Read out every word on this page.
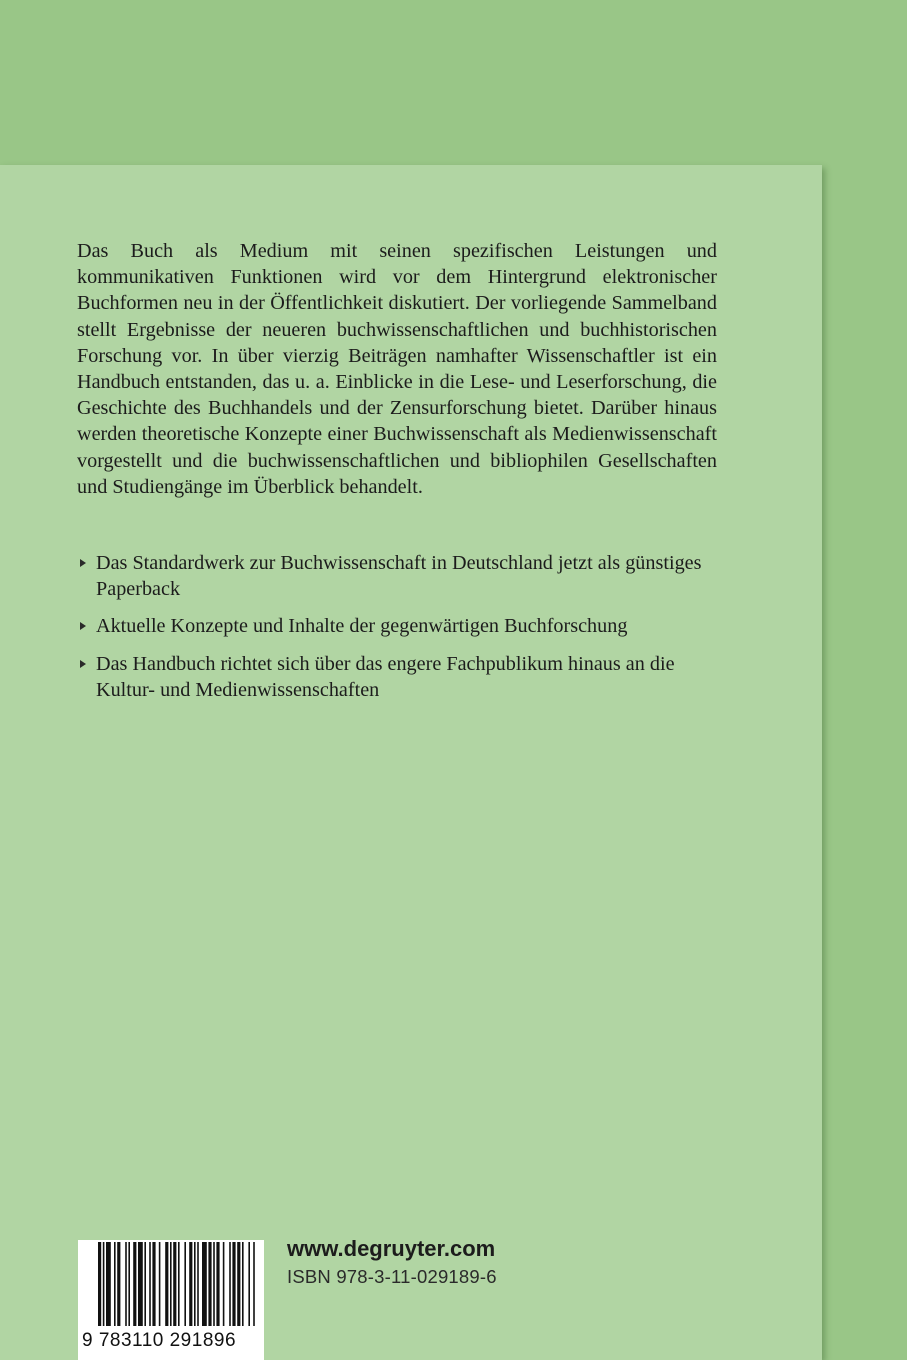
Das Buch als Medium mit seinen spezifischen Leistungen und kommunikativen Funktionen wird vor dem Hintergrund elektronischer Buchformen neu in der Öffentlichkeit diskutiert. Der vorliegende Sammelband stellt Ergebnisse der neueren buchwissenschaftlichen und buchhistorischen Forschung vor. In über vierzig Beiträgen namhafter Wissenschaftler ist ein Handbuch entstanden, das u. a. Einblicke in die Lese- und Leserforschung, die Geschichte des Buchhandels und der Zensurforschung bietet. Darüber hinaus werden theoretische Konzepte einer Buchwissenschaft als Medienwissenschaft vorgestellt und die buchwissenschaftlichen und bibliophilen Gesellschaften und Studiengänge im Überblick behandelt.

Das Standardwerk zur Buchwissenschaft in Deutschland jetzt als günstiges Paperback
Aktuelle Konzepte und Inhalte der gegenwärtigen Buchforschung
Das Handbuch richtet sich über das engere Fachpublikum hinaus an die Kultur- und Medienwissenschaften
9 783110 291896
www.degruyter.com
ISBN 978-3-11-029189-6
